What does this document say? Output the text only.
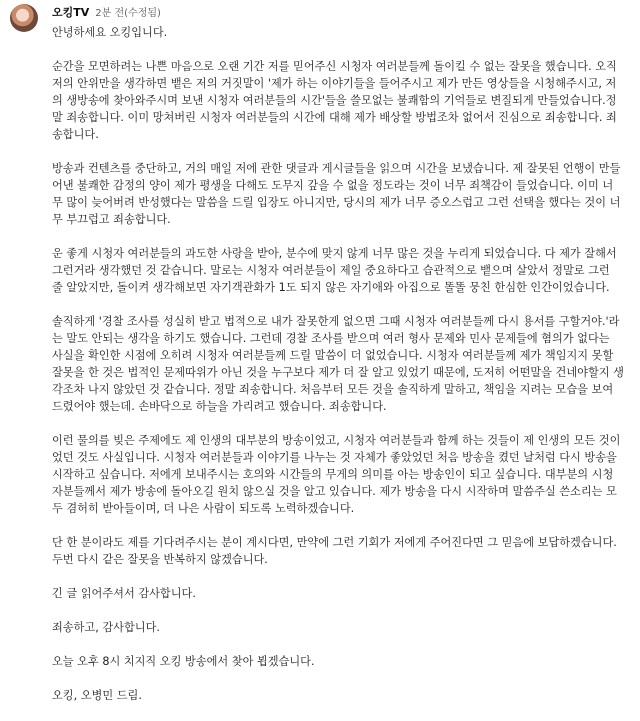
오킹TV 2분 전(수정됨)

안녕하세요 오킹입니다.

순간을 모면하려는 나쁜 마음으로 오랜 기간 저를 믿어주신 시청자 여러분들께 돌이킬 수 없는 잘못을 했습니다. 오직
저의 안위만을 생각하면 뱉은 저의 거짓말이 '제가 하는 이야기들을 들어주시고 제가 만든 영상들을 시청해주시고, 저
의 생방송에 찾아와주시며 보낸 시청자 여러분들의 시간'들을 쓸모없는 불쾌함의 기억들로 변질되게 만들었습니다.정
말 죄송합니다. 이미 망쳐버린 시청자 여러분들의 시간에 대해 제가 배상할 방법조차 없어서 진심으로 죄송합니다. 죄
송합니다.

방송과 컨텐츠를 중단하고, 거의 매일 저에 관한 댓글과 게시글들을 읽으며 시간을 보냈습니다. 제 잘못된 언행이 만들
어낸 불쾌한 감정의 양이 제가 평생을 다해도 도무지 갚을 수 없을 정도라는 것이 너무 죄책감이 들었습니다. 이미 너
무 많이 늦어버려 반성했다는 말씀을 드릴 입장도 아니지만, 당시의 제가 너무 증오스럽고 그런 선택을 했다는 것이 너
무 부끄럽고 죄송합니다.

운 좋게 시청자 여러분들의 과도한 사랑을 받아, 분수에 맞지 않게 너무 많은 것을 누리게 되었습니다. 다 제가 잘해서
그런거라 생각했던 것 같습니다. 말로는 시청자 여러분들이 제일 중요하다고 습관적으로 뱉으며 살았서 정말로 그런
줄 알았지만, 돌이켜 생각해보면 자기객관화가 1도 되지 않은 자기애와 아집으로 똘똘 뭉친 한심한 인간이었습니다.

솔직하게 '경찰 조사를 성실히 받고 법적으로 내가 잘못한게 없으면 그때 시청자 여러분들께 다시 용서를 구할거야.'라
는 말도 안되는 생각을 하기도 했습니다. 그런데 경찰 조사를 받으며 여러 형사 문제와 민사 문제들에 혐의가 없다는
사실을 확인한 시점에 오히려 시청자 여러분들께 드릴 말씀이 더 없었습니다. 시청자 여러분들께 제가 책임지지 못할
잘못을 한 것은 법적인 문제따위가 아닌 것을 누구보다 제가 더 잘 알고 있었기 때문에, 도저히 어떤말을 건네야할지 생
각조차 나지 않았던 것 같습니다. 정말 죄송합니다. 처음부터 모든 것을 솔직하게 말하고, 책임을 지려는 모습을 보여
드렸어야 했는데. 손바닥으로 하늘을 가리려고 했습니다. 죄송합니다.

이런 물의를 빚은 주제에도 제 인생의 대부분의 방송이었고, 시청자 여러분들과 함께 하는 것들이 제 인생의 모든 것이
었던 것도 사실입니다. 시청자 여러분들과 이야기를 나누는 것 자체가 좋았었던 처음 방송을 켰던 날처럼 다시 방송을
시작하고 싶습니다. 저에게 보내주시는 호의와 시간들의 무게의 의미를 아는 방송인이 되고 싶습니다. 대부분의 시청
자분들께서 제가 방송에 돌아오길 원치 않으실 것을 알고 있습니다. 제가 방송을 다시 시작하며 말씀주실 쓴소리는 모
두 겸허히 받아들이며, 더 나은 사람이 되도록 노력하겠습니다.

단 한 분이라도 제를 기다려주시는 분이 계시다면, 만약에 그런 기회가 저에게 주어진다면 그 믿음에 보답하겠습니다.
두번 다시 같은 잘못을 반복하지 않겠습니다.

긴 글 읽어주셔서 감사합니다.

죄송하고, 감사합니다.

오늘 오후 8시 치지직 오킹 방송에서 찾아 뵙겠습니다.

오킹, 오병민 드림.
